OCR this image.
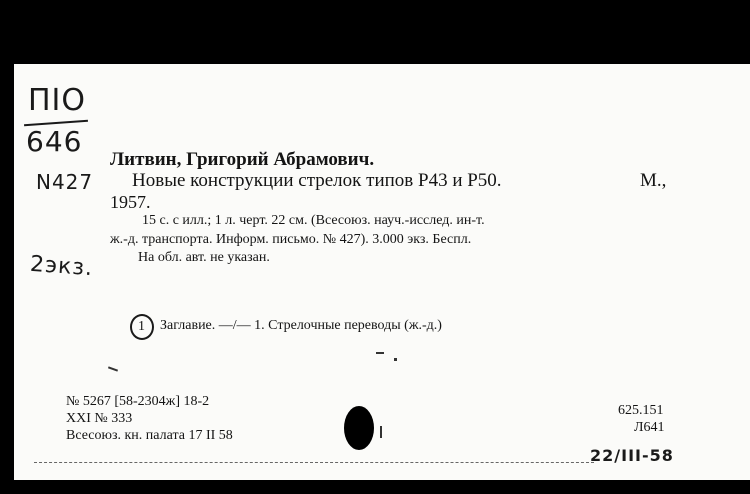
ПІО
646
N427
2экз.
Литвин, Григорий Абрамович.
Новые конструкции стрелок типов Р43 и Р50.	М.,
1957.
15 с. с илл.; 1 л. черт. 22 см. (Всесоюз. науч.-исслед. ин-т.
ж.-д. транспорта. Информ. письмо. № 427). 3.000 экз. Беспл.
На обл. авт. не указан.
1 Заглавие. —/— 1. Стрелочные переводы (ж.-д.)
№ 5267 [58-2304ж] 18-2
XXI № 333
Всесоюз. кн. палата 17 II 58
625.151
Л641
22/III-58
